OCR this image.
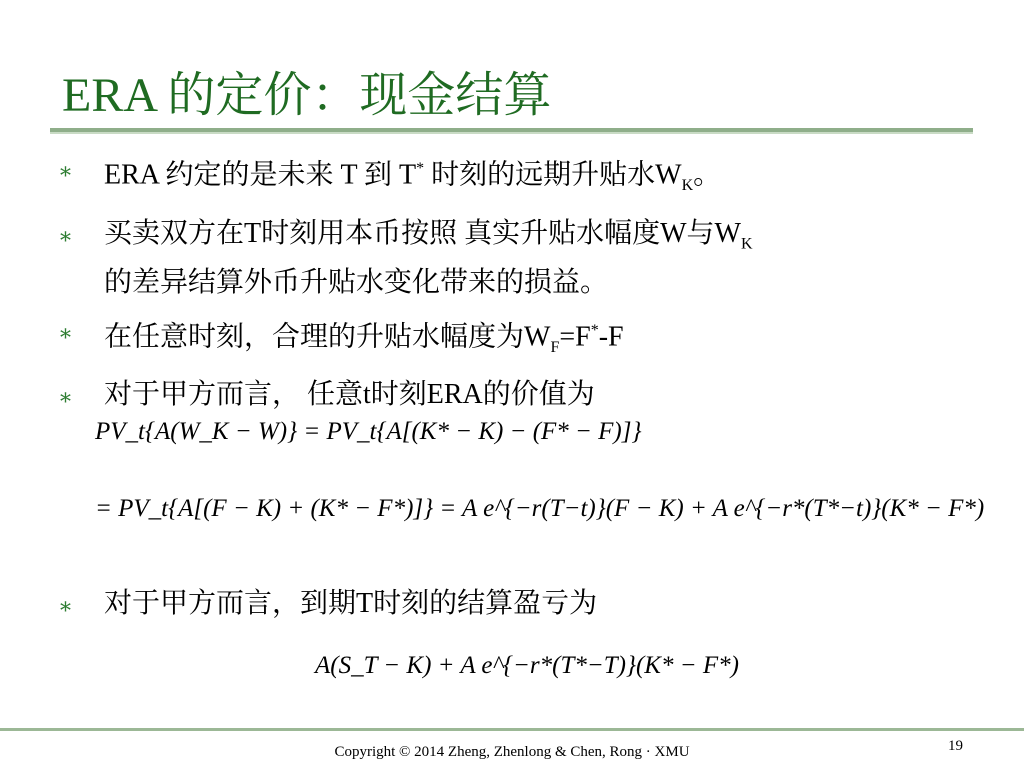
ERA 的定价：现金结算
⁎ ERA 约定的是未来 T 到 T* 时刻的远期升贴水$W_K$。
⁎ 买卖双方在T时刻用本币按照 真实升贴水幅度W与$W_K$
的差异结算外币升贴水变化带来的损益。
⁎ 在任意时刻，合理的升贴水幅度为$W_F=F^*-F$
⁎ 对于甲方而言， 任意t时刻ERA的价值为
PV_t{A(W_K − W)} = PV_t{A[(K* − K) − (F* − F)]}
= PV_t{A[(F − K) + (K* − F*)]} = A e^{−r(T−t)}(F − K) + A e^{−r*(T*−t)}(K* − F*)
⁎ 对于甲方而言，到期T时刻的结算盈亏为
A(S_T − K) + A e^{−r*(T*−T)}(K* − F*)
Copyright © 2014 Zheng, Zhenlong & Chen, Rong · XMU	19
